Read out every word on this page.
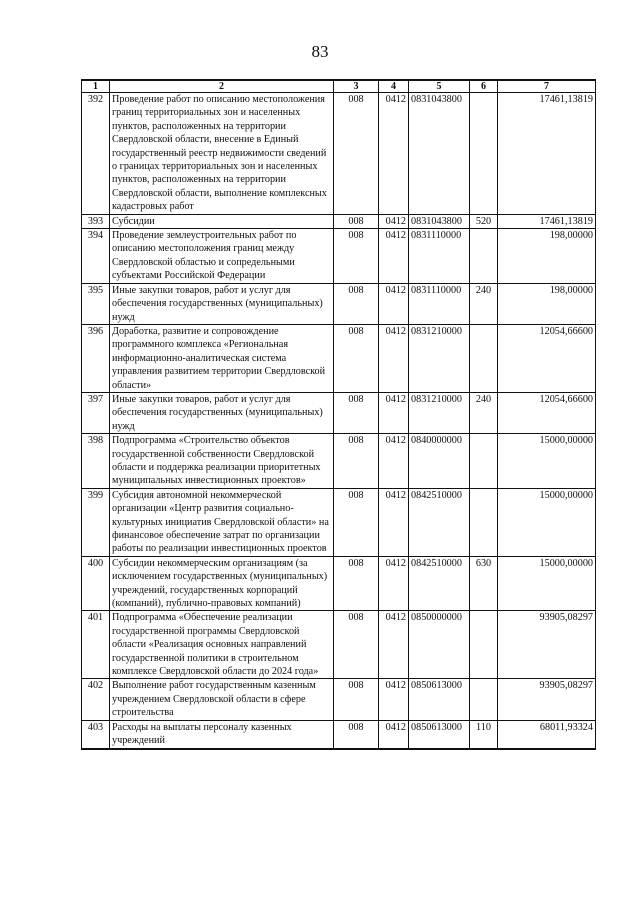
83
1	2	3	4	5	6	7
392	Проведение работ по описанию местоположения границ территориальных зон и населенных пунктов, расположенных на территории Свердловской области, внесение в Единый государственный реестр недвижимости сведений о границах территориальных зон и населенных пунктов, расположенных на территории Свердловской области, выполнение комплексных кадастровых работ	008	0412	0831043800		17461,13819
393	Субсидии	008	0412	0831043800	520	17461,13819
394	Проведение землеустроительных работ по описанию местоположения границ между Свердловской областью и сопредельными субъектами Российской Федерации	008	0412	0831110000		198,00000
395	Иные закупки товаров, работ и услуг для обеспечения государственных (муниципальных) нужд	008	0412	0831110000	240	198,00000
396	Доработка, развитие и сопровождение программного комплекса «Региональная информационно-аналитическая система управления развитием территории Свердловской области»	008	0412	0831210000		12054,66600
397	Иные закупки товаров, работ и услуг для обеспечения государственных (муниципальных) нужд	008	0412	0831210000	240	12054,66600
398	Подпрограмма «Строительство объектов государственной собственности Свердловской области и поддержка реализации приоритетных муниципальных инвестиционных проектов»	008	0412	0840000000		15000,00000
399	Субсидия автономной некоммерческой организации «Центр развития социально-культурных инициатив Свердловской области» на финансовое обеспечение затрат по организации работы по реализации инвестиционных проектов	008	0412	0842510000		15000,00000
400	Субсидии некоммерческим организациям (за исключением государственных (муниципальных) учреждений, государственных корпораций (компаний), публично-правовых компаний)	008	0412	0842510000	630	15000,00000
401	Подпрограмма «Обеспечение реализации государственной программы Свердловской области «Реализация основных направлений государственной политики в строительном комплексе Свердловской области до 2024 года»	008	0412	0850000000		93905,08297
402	Выполнение работ государственным казенным учреждением Свердловской области в сфере строительства	008	0412	0850613000		93905,08297
403	Расходы на выплаты персоналу казенных учреждений	008	0412	0850613000	110	68011,93324
